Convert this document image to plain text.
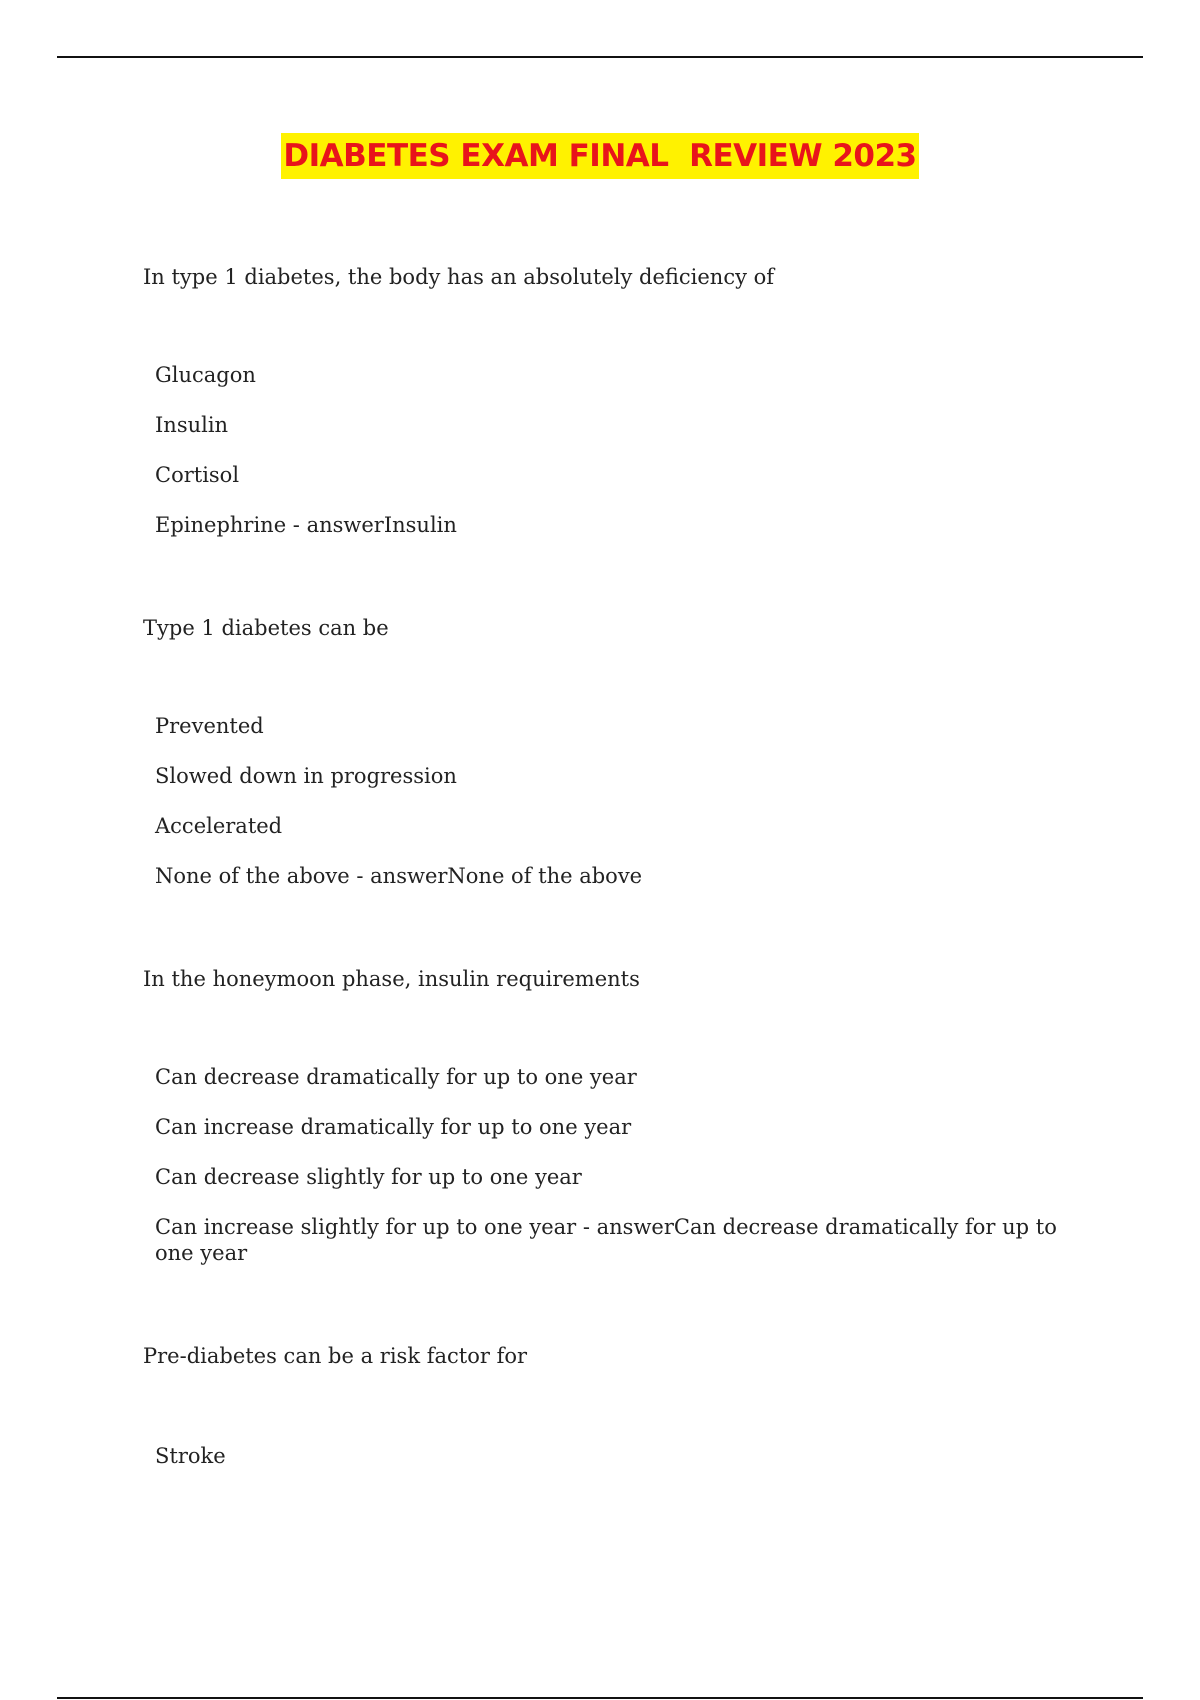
DIABETES EXAM FINAL  REVIEW 2023

In type 1 diabetes, the body has an absolutely deficiency of

Glucagon
Insulin
Cortisol
Epinephrine - answerInsulin

Type 1 diabetes can be

Prevented
Slowed down in progression
Accelerated
None of the above - answerNone of the above

In the honeymoon phase, insulin requirements

Can decrease dramatically for up to one year
Can increase dramatically for up to one year
Can decrease slightly for up to one year
Can increase slightly for up to one year - answerCan decrease dramatically for up to one year

Pre-diabetes can be a risk factor for

Stroke
